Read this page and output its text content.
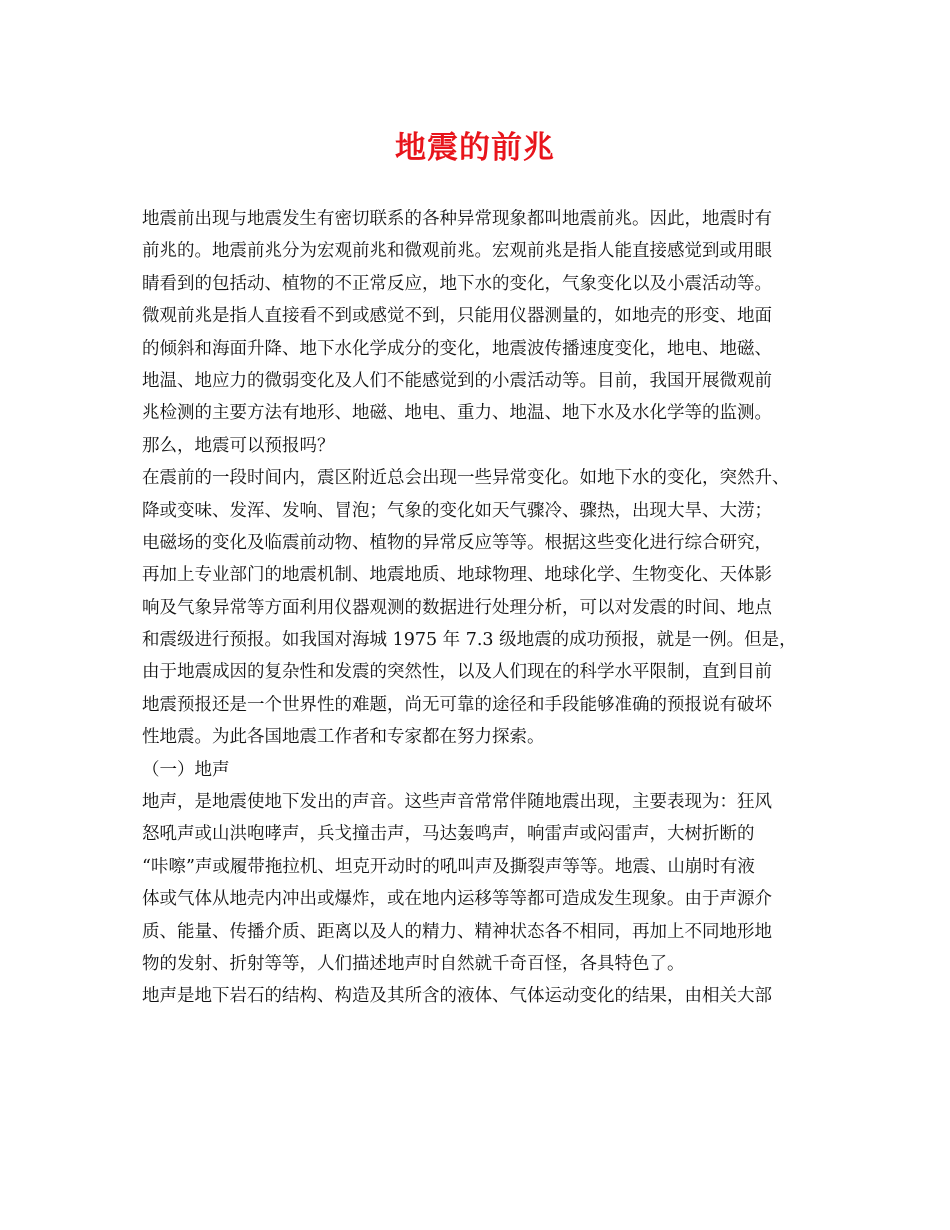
地震的前兆
地震前出现与地震发生有密切联系的各种异常现象都叫地震前兆。因此，地震时有
前兆的。地震前兆分为宏观前兆和微观前兆。宏观前兆是指人能直接感觉到或用眼
睛看到的包括动、植物的不正常反应，地下水的变化，气象变化以及小震活动等。
微观前兆是指人直接看不到或感觉不到，只能用仪器测量的，如地壳的形变、地面
的倾斜和海面升降、地下水化学成分的变化，地震波传播速度变化，地电、地磁、
地温、地应力的微弱变化及人们不能感觉到的小震活动等。目前，我国开展微观前
兆检测的主要方法有地形、地磁、地电、重力、地温、地下水及水化学等的监测。
那么，地震可以预报吗？
在震前的一段时间内，震区附近总会出现一些异常变化。如地下水的变化，突然升、
降或变味、发浑、发响、冒泡；气象的变化如天气骤冷、骤热，出现大旱、大涝；
电磁场的变化及临震前动物、植物的异常反应等等。根据这些变化进行综合研究，
再加上专业部门的地震机制、地震地质、地球物理、地球化学、生物变化、天体影
响及气象异常等方面利用仪器观测的数据进行处理分析，可以对发震的时间、地点
和震级进行预报。如我国对海城 1975 年 7.3 级地震的成功预报，就是一例。但是，
由于地震成因的复杂性和发震的突然性，以及人们现在的科学水平限制，直到目前
地震预报还是一个世界性的难题，尚无可靠的途径和手段能够准确的预报说有破坏
性地震。为此各国地震工作者和专家都在努力探索。
（一）地声
地声，是地震使地下发出的声音。这些声音常常伴随地震出现，主要表现为：狂风
怒吼声或山洪咆哮声，兵戈撞击声，马达轰鸣声，响雷声或闷雷声，大树折断的
“咔嚓”声或履带拖拉机、坦克开动时的吼叫声及撕裂声等等。地震、山崩时有液
体或气体从地壳内冲出或爆炸，或在地内运移等等都可造成发生现象。由于声源介
质、能量、传播介质、距离以及人的精力、精神状态各不相同，再加上不同地形地
物的发射、折射等等，人们描述地声时自然就千奇百怪，各具特色了。
地声是地下岩石的结构、构造及其所含的液体、气体运动变化的结果，由相关大部
